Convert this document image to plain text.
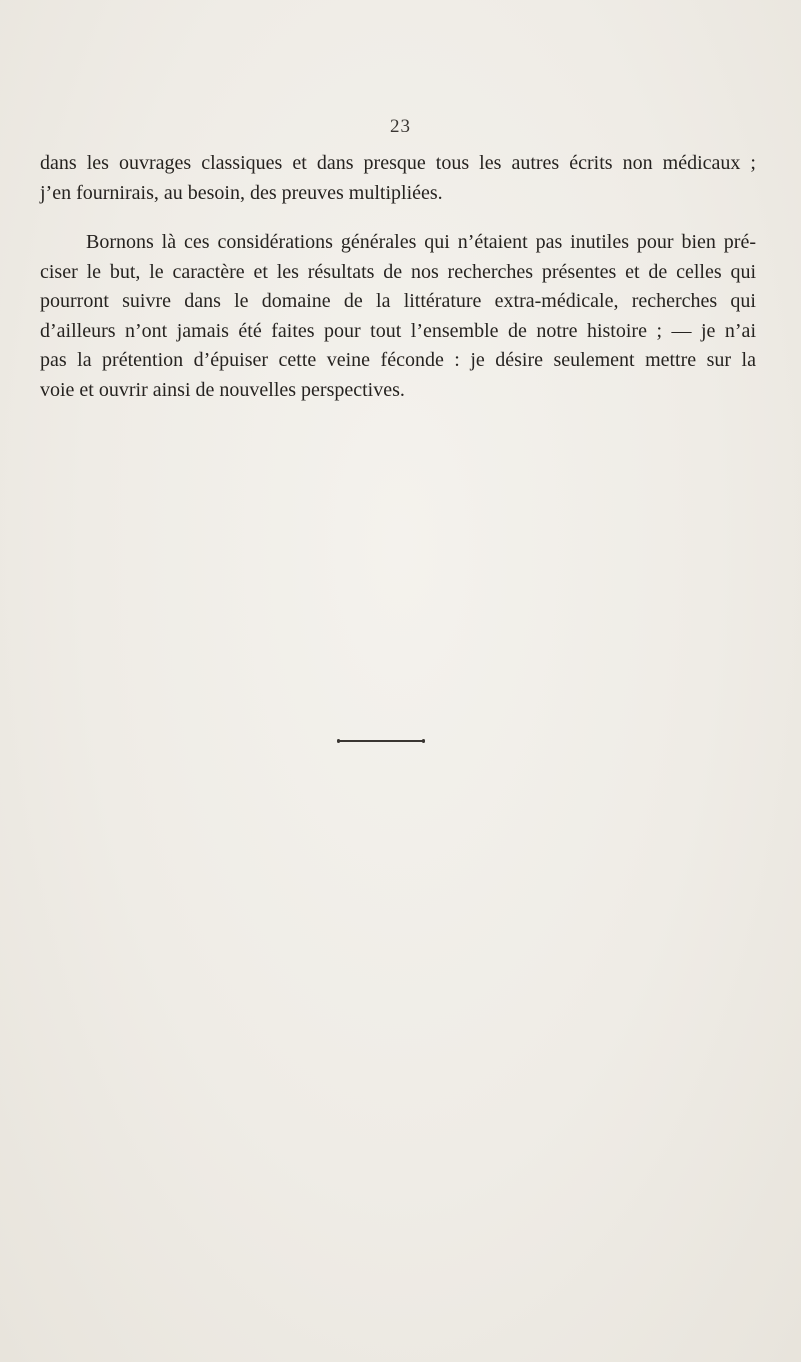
23
dans les ouvrages classiques et dans presque tous les autres écrits non médicaux ;
j’en fournirais, au besoin, des preuves multipliées.
Bornons là ces considérations générales qui n’étaient pas inutiles pour bien pré-
ciser le but, le caractère et les résultats de nos recherches présentes et de celles qui
pourront suivre dans le domaine de la littérature extra-médicale, recherches qui
d’ailleurs n’ont jamais été faites pour tout l’ensemble de notre histoire ; — je n’ai
pas la prétention d’épuiser cette veine féconde : je désire seulement mettre sur la
voie et ouvrir ainsi de nouvelles perspectives.
